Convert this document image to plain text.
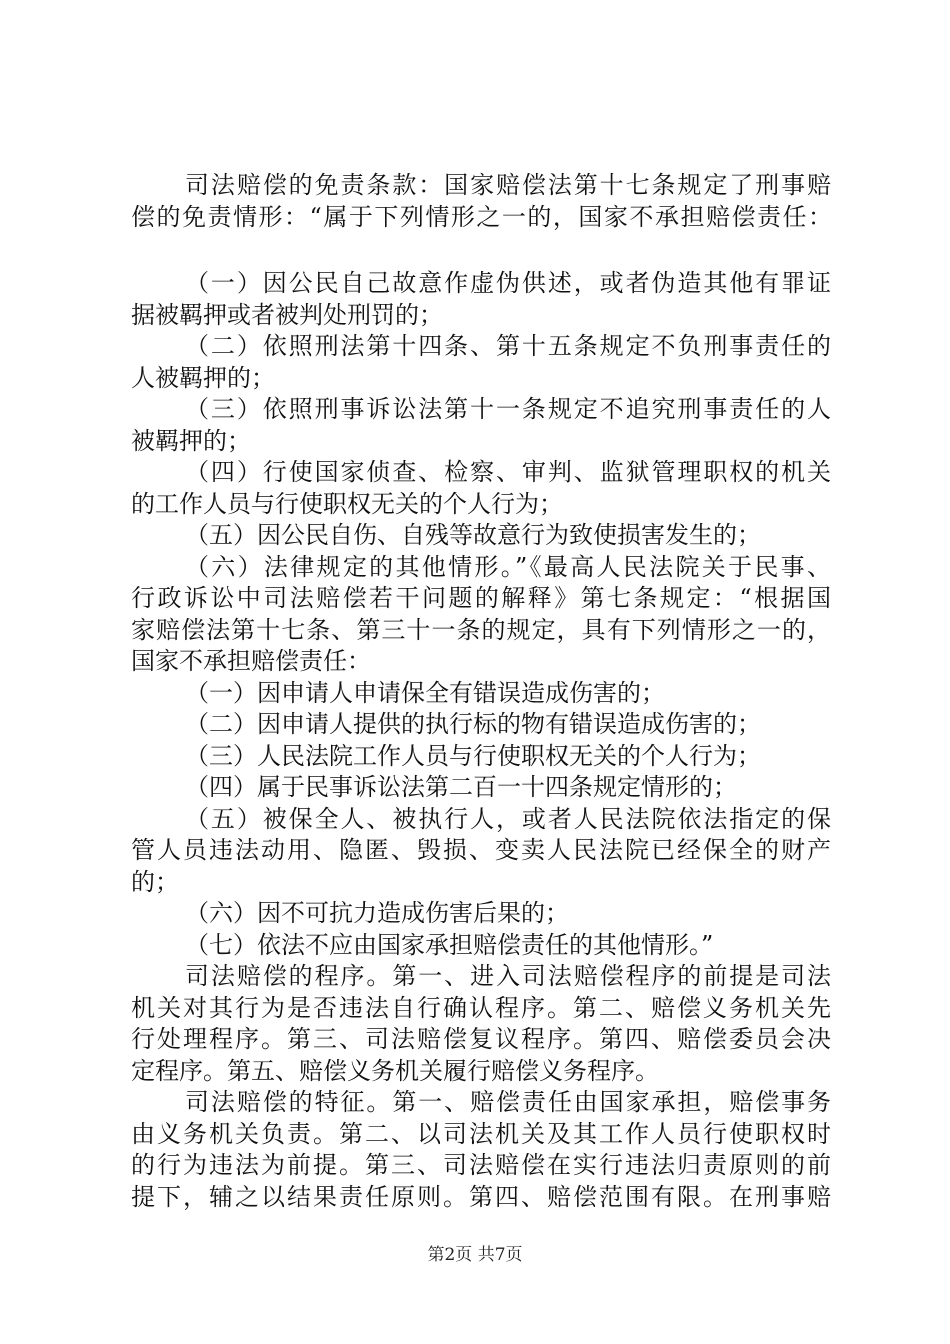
司法赔偿的免责条款：国家赔偿法第十七条规定了刑事赔
偿的免责情形：“属于下列情形之一的，国家不承担赔偿责任：
（一）因公民自己故意作虚伪供述，或者伪造其他有罪证
据被羁押或者被判处刑罚的；
（二）依照刑法第十四条、第十五条规定不负刑事责任的
人被羁押的；
（三）依照刑事诉讼法第十一条规定不追究刑事责任的人
被羁押的；
（四）行使国家侦查、检察、审判、监狱管理职权的机关
的工作人员与行使职权无关的个人行为；
（五）因公民自伤、自残等故意行为致使损害发生的；
（六）法律规定的其他情形。”《最高人民法院关于民事、
行政诉讼中司法赔偿若干问题的解释》第七条规定：“根据国
家赔偿法第十七条、第三十一条的规定，具有下列情形之一的，
国家不承担赔偿责任：
（一）因申请人申请保全有错误造成伤害的；
（二）因申请人提供的执行标的物有错误造成伤害的；
（三）人民法院工作人员与行使职权无关的个人行为；
（四）属于民事诉讼法第二百一十四条规定情形的；
（五）被保全人、被执行人，或者人民法院依法指定的保
管人员违法动用、隐匿、毁损、变卖人民法院已经保全的财产
的；
（六）因不可抗力造成伤害后果的；
（七）依法不应由国家承担赔偿责任的其他情形。”
司法赔偿的程序。第一、进入司法赔偿程序的前提是司法
机关对其行为是否违法自行确认程序。第二、赔偿义务机关先
行处理程序。第三、司法赔偿复议程序。第四、赔偿委员会决
定程序。第五、赔偿义务机关履行赔偿义务程序。
司法赔偿的特征。第一、赔偿责任由国家承担，赔偿事务
由义务机关负责。第二、以司法机关及其工作人员行使职权时
的行为违法为前提。第三、司法赔偿在实行违法归责原则的前
提下，辅之以结果责任原则。第四、赔偿范围有限。在刑事赔
第2页 共7页
